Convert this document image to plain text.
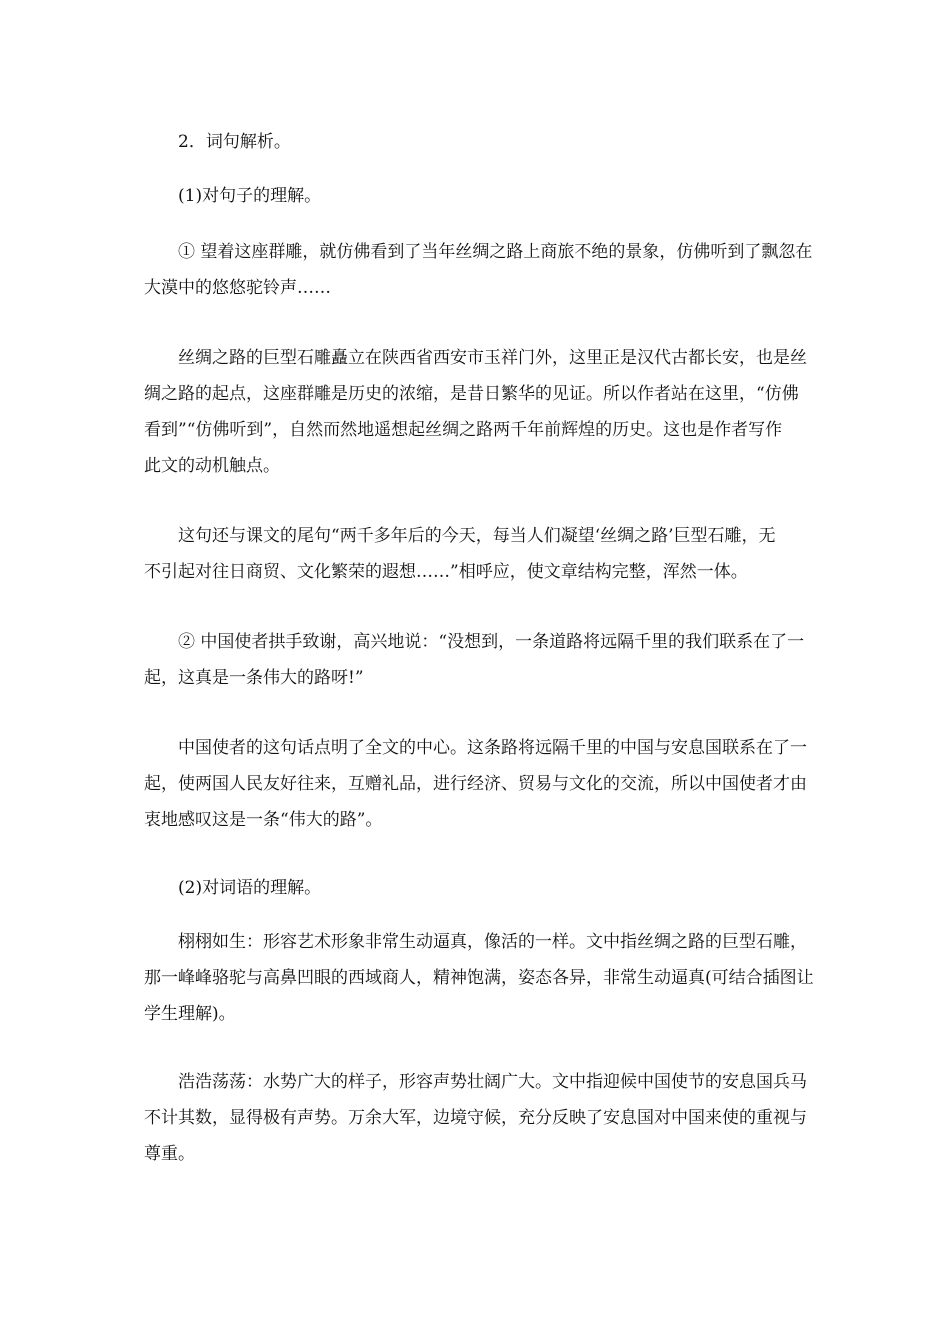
2．词句解析。

(1)对句子的理解。

① 望着这座群雕，就仿佛看到了当年丝绸之路上商旅不绝的景象，仿佛听到了飘忽在
大漠中的悠悠驼铃声……

丝绸之路的巨型石雕矗立在陕西省西安市玉祥门外，这里正是汉代古都长安，也是丝
绸之路的起点，这座群雕是历史的浓缩，是昔日繁华的见证。所以作者站在这里，“仿佛
看到”“仿佛听到”，自然而然地遥想起丝绸之路两千年前辉煌的历史。这也是作者写作
此文的动机触点。

这句还与课文的尾句“两千多年后的今天，每当人们凝望‘丝绸之路’巨型石雕，无
不引起对往日商贸、文化繁荣的遐想……”相呼应，使文章结构完整，浑然一体。

② 中国使者拱手致谢，高兴地说：“没想到，一条道路将远隔千里的我们联系在了一
起，这真是一条伟大的路呀!”

中国使者的这句话点明了全文的中心。这条路将远隔千里的中国与安息国联系在了一
起，使两国人民友好往来，互赠礼品，进行经济、贸易与文化的交流，所以中国使者才由
衷地感叹这是一条“伟大的路”。

(2)对词语的理解。

栩栩如生：形容艺术形象非常生动逼真，像活的一样。文中指丝绸之路的巨型石雕，
那一峰峰骆驼与高鼻凹眼的西域商人，精神饱满，姿态各异，非常生动逼真(可结合插图让
学生理解)。

浩浩荡荡：水势广大的样子，形容声势壮阔广大。文中指迎候中国使节的安息国兵马
不计其数，显得极有声势。万余大军，边境守候，充分反映了安息国对中国来使的重视与
尊重。
